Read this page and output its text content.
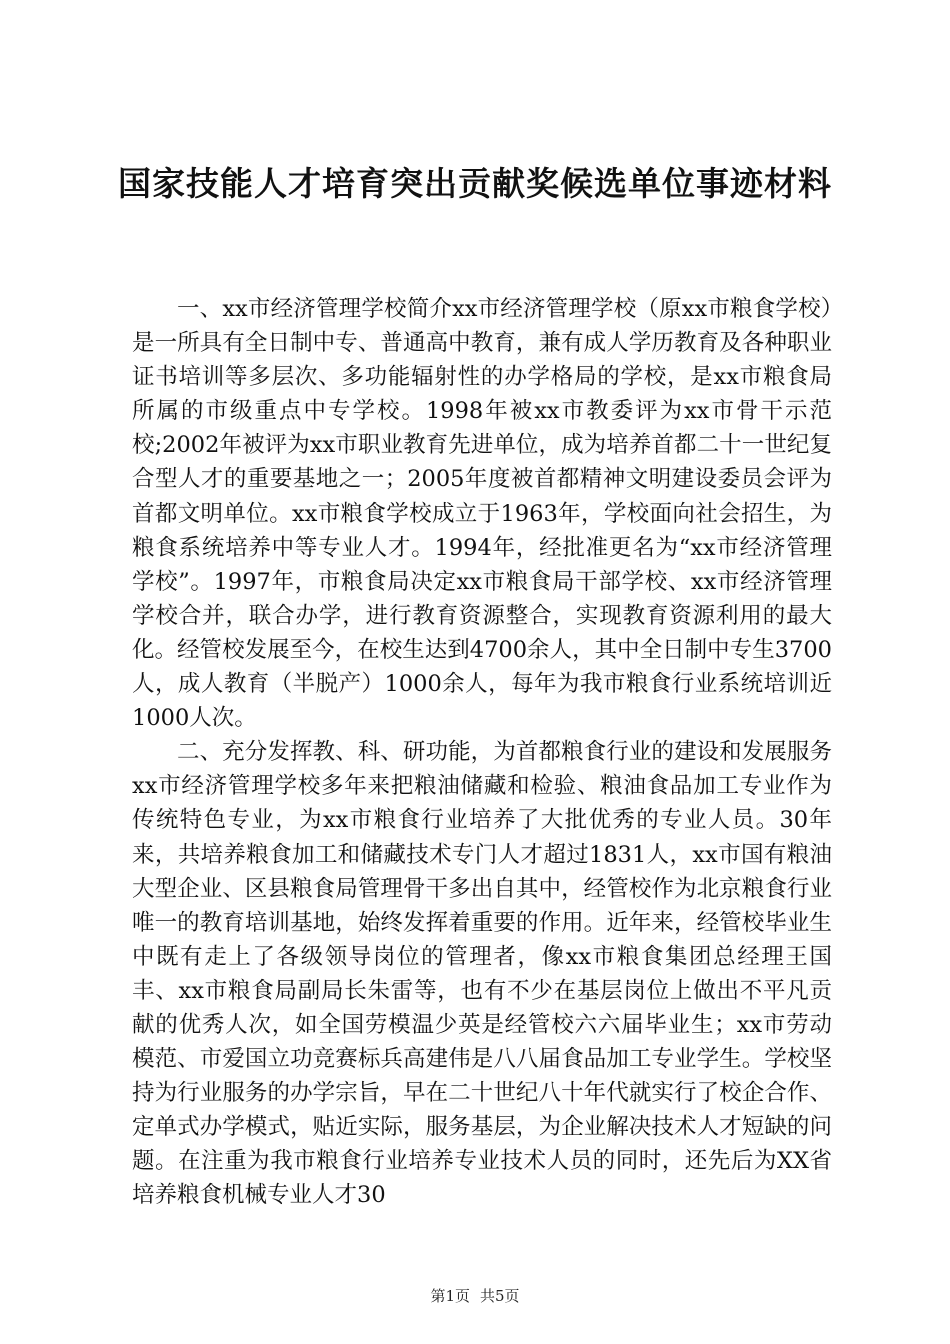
国家技能人才培育突出贡献奖候选单位事迹材料

一、xx市经济管理学校简介xx市经济管理学校（原xx市粮食学校）是一所具有全日制中专、普通高中教育，兼有成人学历教育及各种职业证书培训等多层次、多功能辐射性的办学格局的学校，是xx市粮食局所属的市级重点中专学校。1998年被xx市教委评为xx市骨干示范校;2002年被评为xx市职业教育先进单位，成为培养首都二十一世纪复合型人才的重要基地之一；2005年度被首都精神文明建设委员会评为首都文明单位。xx市粮食学校成立于1963年，学校面向社会招生，为粮食系统培养中等专业人才。1994年，经批准更名为“xx市经济管理学校”。1997年，市粮食局决定xx市粮食局干部学校、xx市经济管理学校合并，联合办学，进行教育资源整合，实现教育资源利用的最大化。经管校发展至今，在校生达到4700余人，其中全日制中专生3700人，成人教育（半脱产）1000余人，每年为我市粮食行业系统培训近1000人次。

二、充分发挥教、科、研功能，为首都粮食行业的建设和发展服务xx市经济管理学校多年来把粮油储藏和检验、粮油食品加工专业作为传统特色专业，为xx市粮食行业培养了大批优秀的专业人员。30年来，共培养粮食加工和储藏技术专门人才超过1831人，xx市国有粮油大型企业、区县粮食局管理骨干多出自其中，经管校作为北京粮食行业唯一的教育培训基地，始终发挥着重要的作用。近年来，经管校毕业生中既有走上了各级领导岗位的管理者，像xx市粮食集团总经理王国丰、xx市粮食局副局长朱雷等，也有不少在基层岗位上做出不平凡贡献的优秀人次，如全国劳模温少英是经管校六六届毕业生；xx市劳动模范、市爱国立功竞赛标兵高建伟是八八届食品加工专业学生。学校坚持为行业服务的办学宗旨，早在二十世纪八十年代就实行了校企合作、定单式办学模式，贴近实际，服务基层，为企业解决技术人才短缺的问题。在注重为我市粮食行业培养专业技术人员的同时，还先后为XX省培养粮食机械专业人才30

第1页 共5页
